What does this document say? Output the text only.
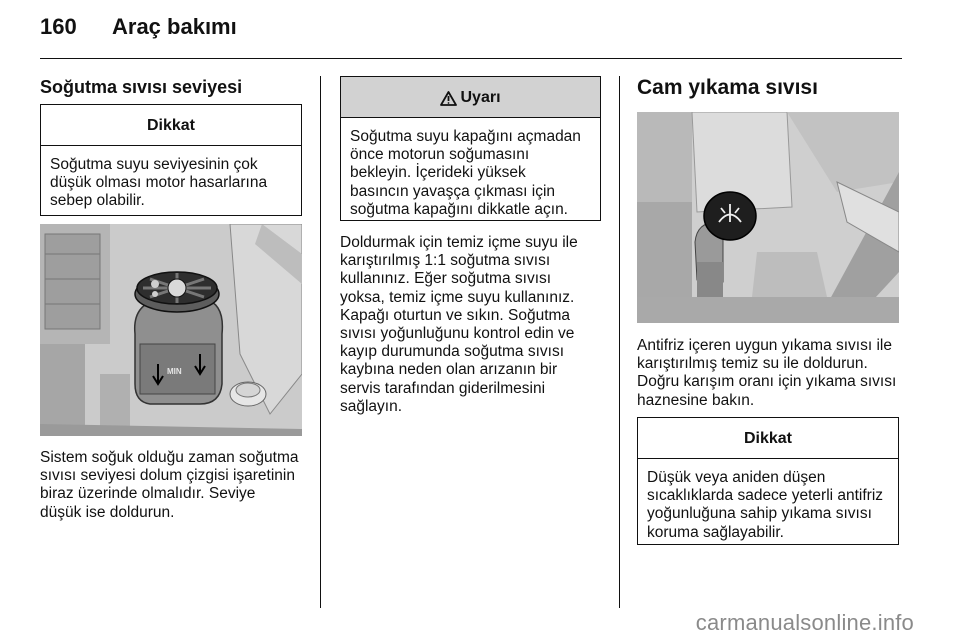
160 Araç bakımı
Soğutma sıvısı seviyesi
Dikkat
Soğutma suyu seviyesinin çok
düşük olması motor hasarlarına
sebep olabilir.
MIN
Sistem soğuk olduğu zaman soğutma
sıvısı seviyesi dolum çizgisi işaretinin
biraz üzerinde olmalıdır. Seviye
düşük ise doldurun.
Uyarı
Soğutma suyu kapağını açmadan
önce motorun soğumasını
bekleyin. İçerideki yüksek
basıncın yavaşça çıkması için
soğutma kapağını dikkatle açın.
Doldurmak için temiz içme suyu ile
karıştırılmış 1:1 soğutma sıvısı
kullanınız. Eğer soğutma sıvısı
yoksa, temiz içme suyu kullanınız.
Kapağı oturtun ve sıkın. Soğutma
sıvısı yoğunluğunu kontrol edin ve
kayıp durumunda soğutma sıvısı
kaybına neden olan arızanın bir
servis tarafından giderilmesini
sağlayın.
Cam yıkama sıvısı
Antifriz içeren uygun yıkama sıvısı ile
karıştırılmış temiz su ile doldurun.
Doğru karışım oranı için yıkama sıvısı
haznesine bakın.
Dikkat
Düşük veya aniden düşen
sıcaklıklarda sadece yeterli antifriz
yoğunluğuna sahip yıkama sıvısı
koruma sağlayabilir.
carmanualsonline.info
